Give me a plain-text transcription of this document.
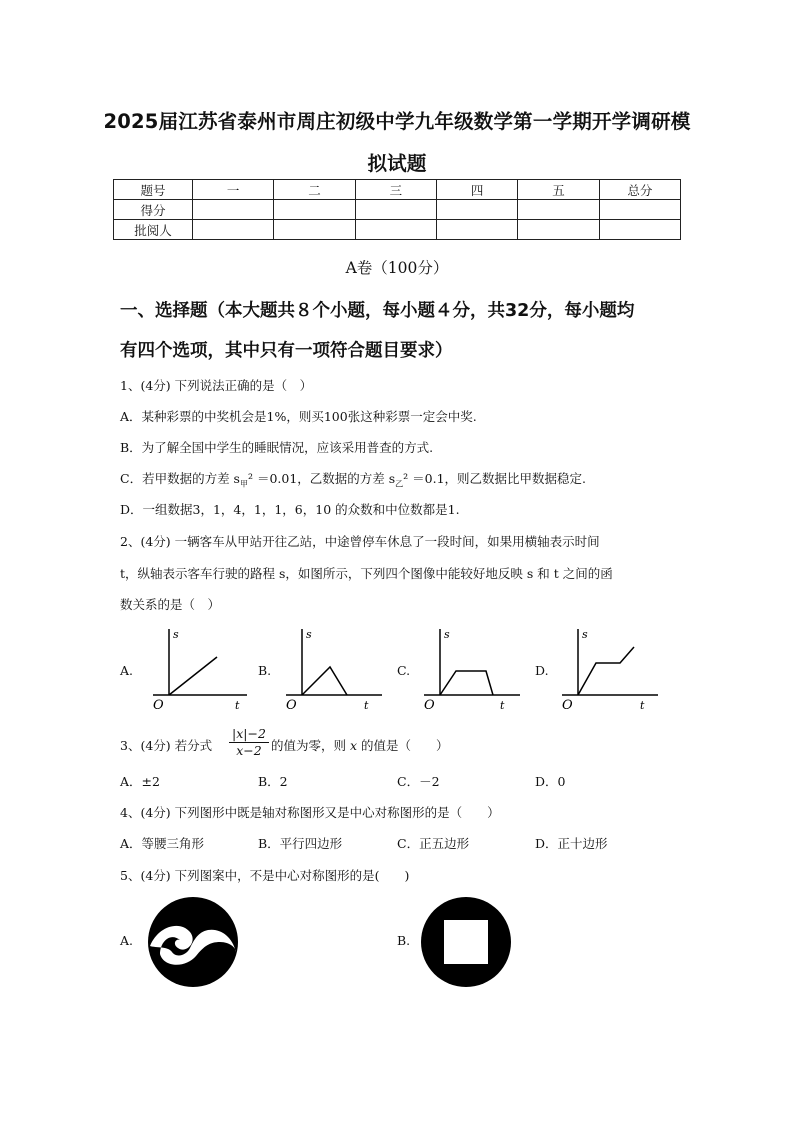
2025届江苏省泰州市周庄初级中学九年级数学第一学期开学调研模
拟试题
题号	一	二	三	四	五	总分
得分						
批阅人						
A卷（100分）
一、选择题（本大题共８个小题，每小题４分，共32分，每小题均
有四个选项，其中只有一项符合题目要求）
1、(4分) 下列说法正确的是（　）
A．某种彩票的中奖机会是1%，则买100张这种彩票一定会中奖.
B．为了解全国中学生的睡眠情况，应该采用普查的方式.
C．若甲数据的方差 $s_甲^2 =0.01$，乙数据的方差 $s_乙^2 =0.1$，则乙数据比甲数据稳定.
D．一组数据3，1，4，1，1，6，10 的众数和中位数都是1.
2、(4分) 一辆客车从甲站开往乙站，中途曾停车休息了一段时间，如果用横轴表示时间
t，纵轴表示客车行驶的路程 s，如图所示，下列四个图像中能较好地反映 s 和 t 之间的函
数关系的是（　）
A.	B.	C.	D.
s
t
O
s
t
O
s
t
O
s
t
O
3、(4分) 若分式 $\frac{|x|-2}{x-2}$ 的值为零，则 x 的值是（　　）
A．±2	B．2	C．－2	D．0
4、(4分) 下列图形中既是轴对称图形又是中心对称图形的是（　　）
A．等腰三角形	B．平行四边形	C．正五边形	D．正十边形
5、(4分) 下列图案中，不是中心对称图形的是(　　)
A.	B.
